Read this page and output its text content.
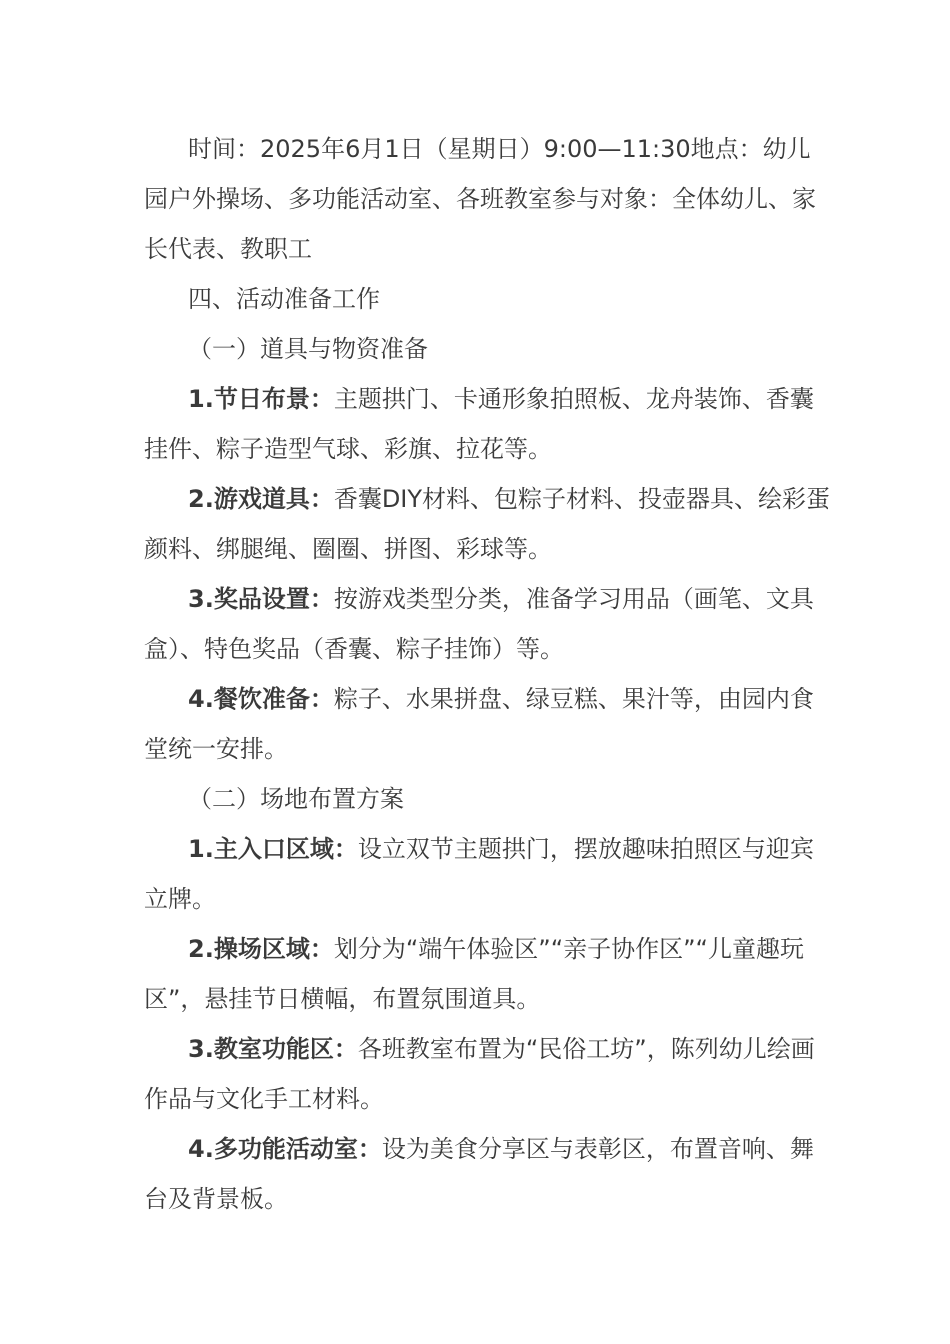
时间：2025年6月1日（星期日）9:00—11:30地点：幼儿园户外操场、多功能活动室、各班教室参与对象：全体幼儿、家长代表、教职工

四、活动准备工作

（一）道具与物资准备

1.节日布景：主题拱门、卡通形象拍照板、龙舟装饰、香囊挂件、粽子造型气球、彩旗、拉花等。

2.游戏道具：香囊DIY材料、包粽子材料、投壶器具、绘彩蛋颜料、绑腿绳、圈圈、拼图、彩球等。

3.奖品设置：按游戏类型分类，准备学习用品（画笔、文具盒）、特色奖品（香囊、粽子挂饰）等。

4.餐饮准备：粽子、水果拼盘、绿豆糕、果汁等，由园内食堂统一安排。

（二）场地布置方案

1.主入口区域：设立双节主题拱门，摆放趣味拍照区与迎宾立牌。

2.操场区域：划分为“端午体验区”“亲子协作区”“儿童趣玩区”，悬挂节日横幅，布置氛围道具。

3.教室功能区：各班教室布置为“民俗工坊”，陈列幼儿绘画作品与文化手工材料。

4.多功能活动室：设为美食分享区与表彰区，布置音响、舞台及背景板。
